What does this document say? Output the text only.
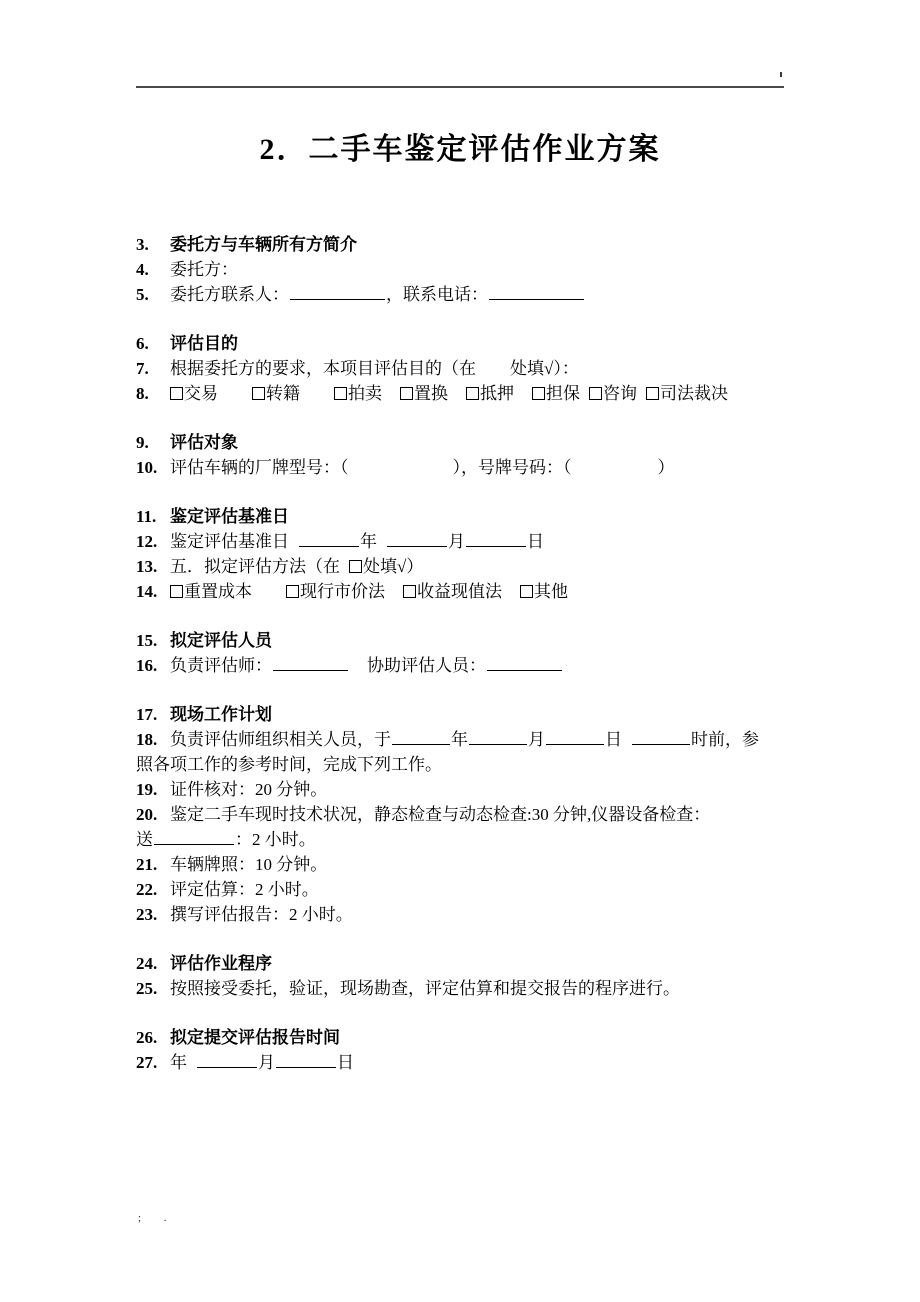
2．二手车鉴定评估作业方案
3.	委托方与车辆所有方简介
4.	委托方：
5.	委托方联系人：	，联系电话：
6.	评估目的
7.	根据委托方的要求，本项目评估目的（在　　处填√）：
8.	交易	转籍	拍卖 置换 抵押 担保 咨询 司法裁决
9.	评估对象
10. 评估车辆的厂牌型号：（	），号牌号码：（	）
11. 鉴定评估基准日
12. 鉴定评估基准日	年	月	日
13. 五．拟定评估方法（在 处填√）
14.	重置成本	现行市价法 收益现值法 其他
15. 拟定评估人员
16. 负责评估师：	协助评估人员：
17. 现场工作计划
18. 负责评估师组织相关人员，于	年	月	日	时前，参
照各项工作的参考时间，完成下列工作。
19. 证件核对：20 分钟。
20. 鉴定二手车现时技术状况，静态检查与动态检查:30 分钟,仪器设备检查：
送	：2 小时。
21. 车辆牌照：10 分钟。
22. 评定估算：2 小时。
23. 撰写评估报告：2 小时。
24. 评估作业程序
25. 按照接受委托，验证，现场勘查，评定估算和提交报告的程序进行。
26. 拟定提交评估报告时间
27. 年	月	日
; .
